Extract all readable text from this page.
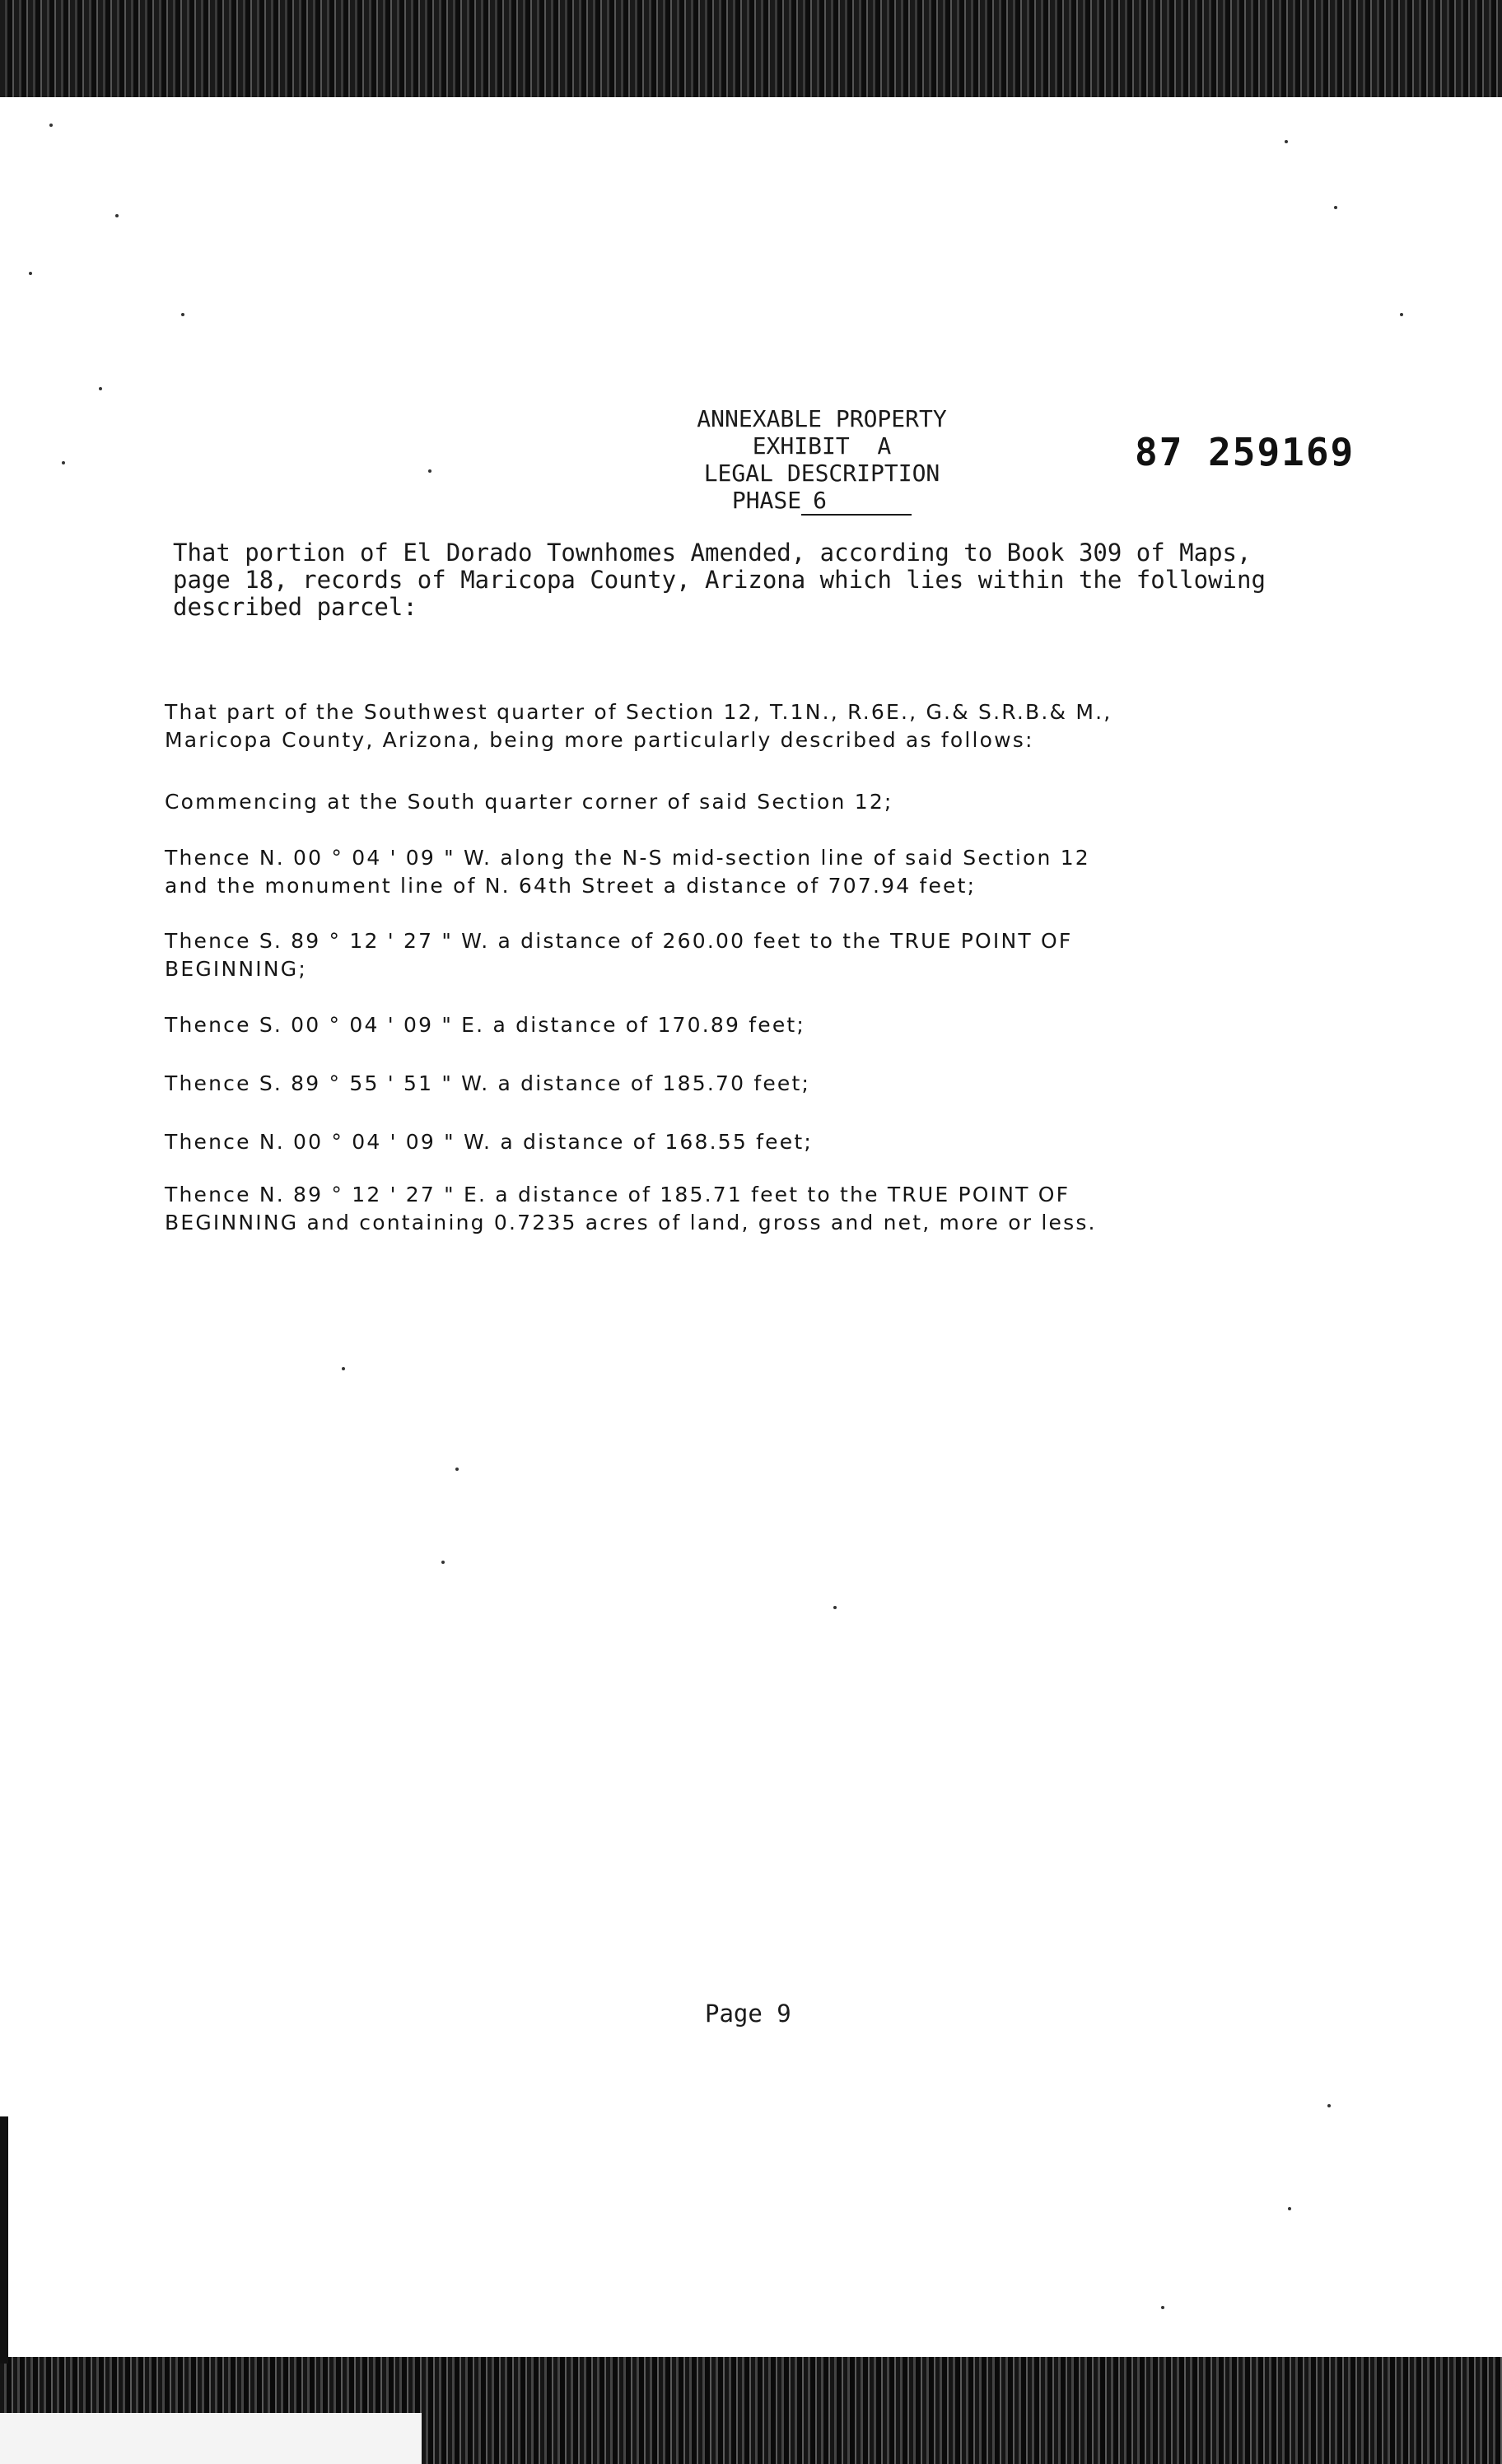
ANNEXABLE PROPERTY
EXHIBIT  A
LEGAL DESCRIPTION
PHASE 6
87 259169
That portion of El Dorado Townhomes Amended, according to Book 309 of Maps,
page 18, records of Maricopa County, Arizona which lies within the following
described parcel:
That part of the Southwest quarter of Section 12, T.1N., R.6E., G.& S.R.B.& M.,
Maricopa County, Arizona, being more particularly described as follows:
Commencing at the South quarter corner of said Section 12;
Thence N. 00 ° 04 ' 09 " W. along the N-S mid-section line of said Section 12
and the monument line of N. 64th Street a distance of 707.94 feet;
Thence S. 89 ° 12 ' 27 " W. a distance of 260.00 feet to the TRUE POINT OF
BEGINNING;
Thence S. 00 ° 04 ' 09 " E. a distance of 170.89 feet;
Thence S. 89 ° 55 ' 51 " W. a distance of 185.70 feet;
Thence N. 00 ° 04 ' 09 " W. a distance of 168.55 feet;
Thence N. 89 ° 12 ' 27 " E. a distance of 185.71 feet to the TRUE POINT OF
BEGINNING and containing 0.7235 acres of land, gross and net, more or less.
Page 9
